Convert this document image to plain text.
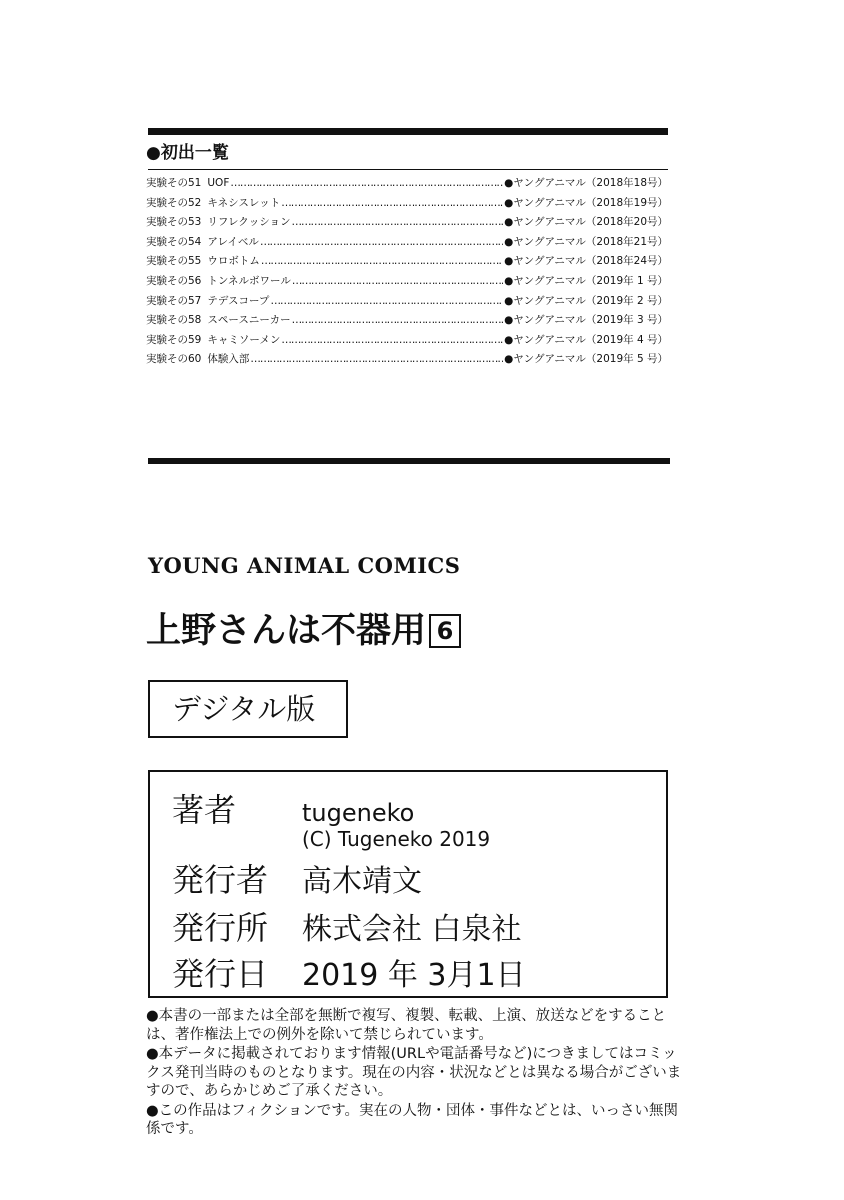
●初出一覧
実験その51 UOF …………………………………………………………………………………………………………………………………………………	●ヤングアニマル（2018年18号）
実験その52 キネシスレット …………………………………………………………………………………………………………………………………………………	●ヤングアニマル（2018年19号）
実験その53 リフレクッション …………………………………………………………………………………………………………………………………………………	●ヤングアニマル（2018年20号）
実験その54 アレイベル …………………………………………………………………………………………………………………………………………………	●ヤングアニマル（2018年21号）
実験その55 ウロボトム …………………………………………………………………………………………………………………………………………………	●ヤングアニマル（2018年24号）
実験その56 トンネルボワール …………………………………………………………………………………………………………………………………………………	●ヤングアニマル（2019年 1 号）
実験その57 テデスコープ …………………………………………………………………………………………………………………………………………………	●ヤングアニマル（2019年 2 号）
実験その58 スペースニーカー …………………………………………………………………………………………………………………………………………………	●ヤングアニマル（2019年 3 号）
実験その59 キャミソーメン …………………………………………………………………………………………………………………………………………………	●ヤングアニマル（2019年 4 号）
実験その60 体験入部 …………………………………………………………………………………………………………………………………………………	●ヤングアニマル（2019年 5 号）
YOUNG ANIMAL COMICS
上野さんは不器用 6
デジタル版
著者	tugeneko
(C) Tugeneko 2019
発行者	高木靖文
発行所	株式会社 白泉社
発行日	2019 年 3月1日
●本書の一部または全部を無断で複写、複製、転載、上演、放送などをすることは、著作権法上での例外を除いて禁じられています。
●本データに掲載されております情報(URLや電話番号など)につきましてはコミックス発刊当時のものとなります。現在の内容・状況などとは異なる場合がございますので、あらかじめご了承ください。
●この作品はフィクションです。実在の人物・団体・事件などとは、いっさい無関係です。
